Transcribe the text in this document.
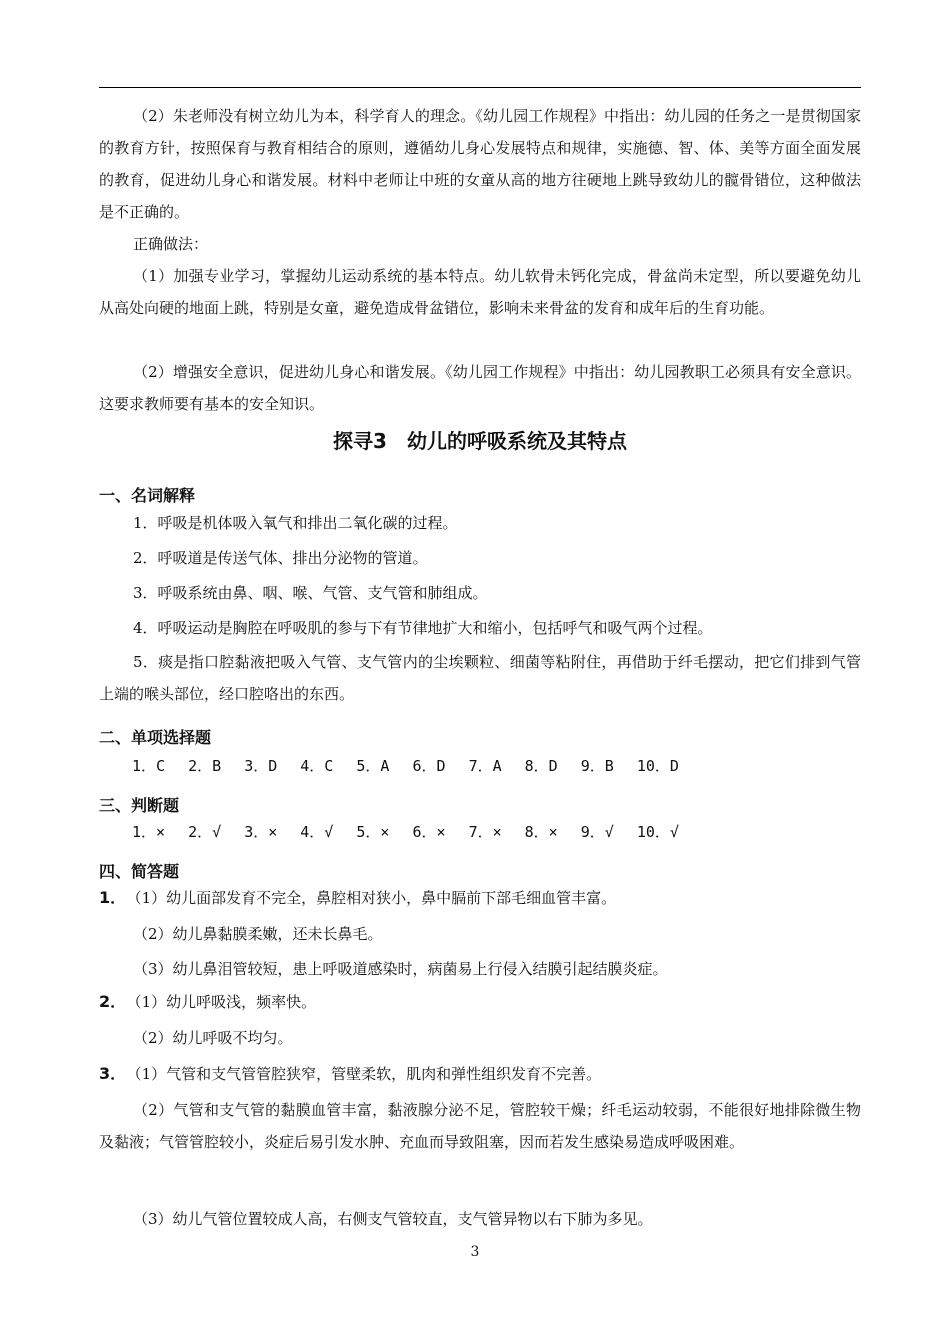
（2）朱老师没有树立幼儿为本，科学育人的理念。《幼儿园工作规程》中指出：幼儿园的任务之一是贯彻国家的教育方针，按照保育与教育相结合的原则，遵循幼儿身心发展特点和规律，实施德、智、体、美等方面全面发展的教育，促进幼儿身心和谐发展。材料中老师让中班的女童从高的地方往硬地上跳导致幼儿的髋骨错位，这种做法是不正确的。

正确做法：

（1）加强专业学习，掌握幼儿运动系统的基本特点。幼儿软骨未钙化完成，骨盆尚未定型，所以要避免幼儿从高处向硬的地面上跳，特别是女童，避免造成骨盆错位，影响未来骨盆的发育和成年后的生育功能。

（2）增强安全意识，促进幼儿身心和谐发展。《幼儿园工作规程》中指出：幼儿园教职工必须具有安全意识。这要求教师要有基本的安全知识。

探寻3　幼儿的呼吸系统及其特点
一、名词解释
1．呼吸是机体吸入氧气和排出二氧化碳的过程。
2．呼吸道是传送气体、排出分泌物的管道。
3．呼吸系统由鼻、咽、喉、气管、支气管和肺组成。
4．呼吸运动是胸腔在呼吸肌的参与下有节律地扩大和缩小，包括呼气和吸气两个过程。

5．痰是指口腔黏液把吸入气管、支气管内的尘埃颗粒、细菌等粘附住，再借助于纤毛摆动，把它们排到气管上端的喉头部位，经口腔咯出的东西。

二、单项选择题
1．C 2．B 3．D 4．C 5．A 6．D 7．A 8．D 9．B 10．D
三、判断题
1．× 2．√ 3．× 4．√ 5．× 6．× 7．× 8．× 9．√ 10．√
四、简答题
1． （1）幼儿面部发育不完全，鼻腔相对狭小，鼻中膈前下部毛细血管丰富。
（2）幼儿鼻黏膜柔嫩，还未长鼻毛。
（3）幼儿鼻泪管较短，患上呼吸道感染时，病菌易上行侵入结膜引起结膜炎症。
2． （1）幼儿呼吸浅，频率快。
（2）幼儿呼吸不均匀。
3． （1）气管和支气管管腔狭窄，管壁柔软，肌肉和弹性组织发育不完善。

（2）气管和支气管的黏膜血管丰富，黏液腺分泌不足，管腔较干燥；纤毛运动较弱，不能很好地排除微生物及黏液；气管管腔较小，炎症后易引发水肿、充血而导致阻塞，因而若发生感染易造成呼吸困难。

（3）幼儿气管位置较成人高，右侧支气管较直，支气管异物以右下肺为多见。
3
